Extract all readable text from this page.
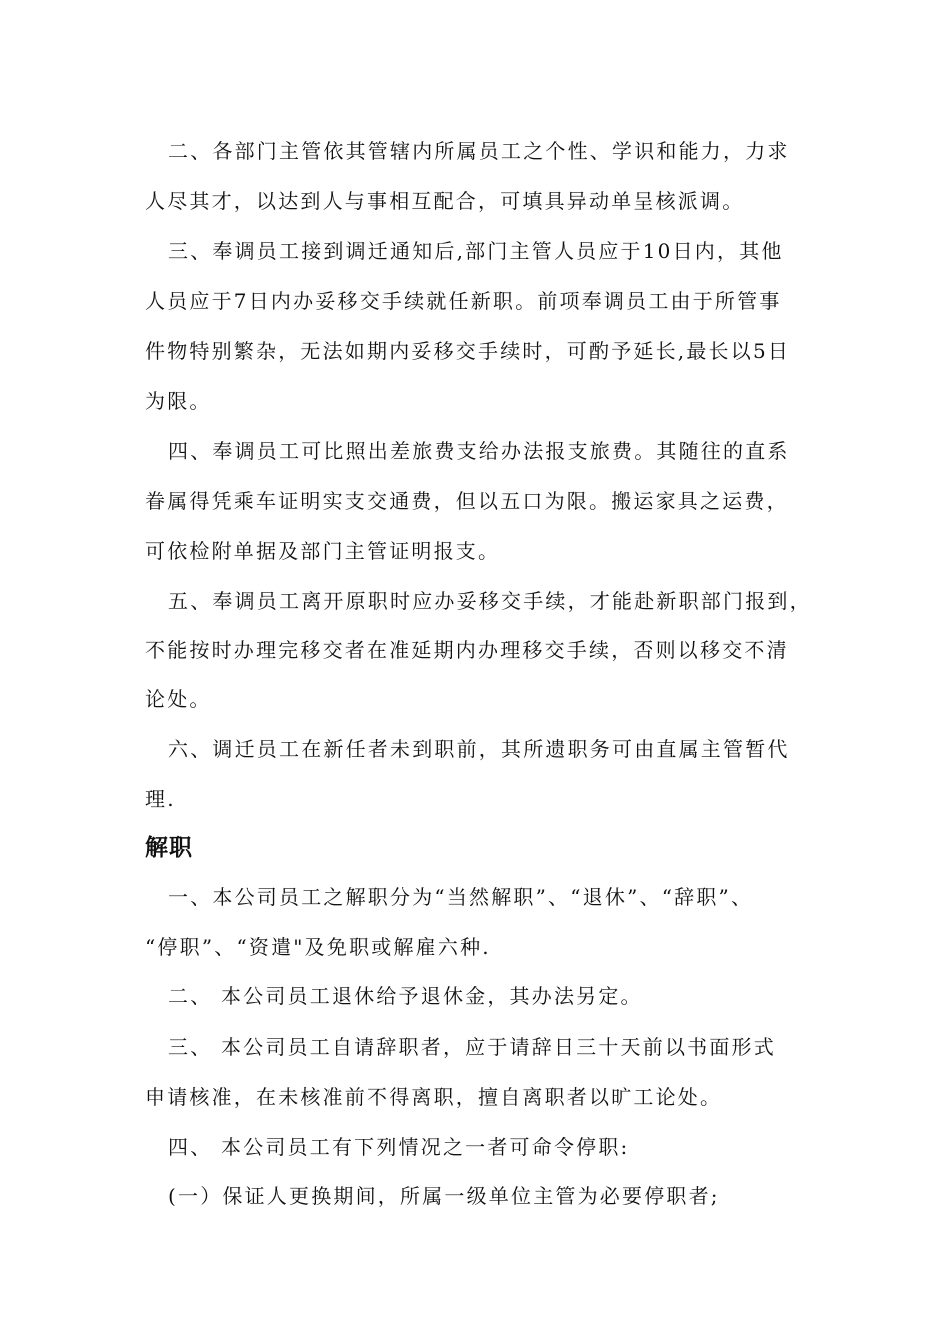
二、各部门主管依其管辖内所属员工之个性、学识和能力，力求
人尽其才，以达到人与事相互配合，可填具异动单呈核派调。
三、奉调员工接到调迁通知后,部门主管人员应于10日内，其他
人员应于7日内办妥移交手续就任新职。前项奉调员工由于所管事
件物特别繁杂，无法如期内妥移交手续时，可酌予延长,最长以5日
为限。
四、奉调员工可比照出差旅费支给办法报支旅费。其随往的直系
眷属得凭乘车证明实支交通费，但以五口为限。搬运家具之运费，
可依检附单据及部门主管证明报支。
五、奉调员工离开原职时应办妥移交手续，才能赴新职部门报到，
不能按时办理完移交者在准延期内办理移交手续，否则以移交不清
论处。
六、调迁员工在新任者未到职前，其所遗职务可由直属主管暂代
理.
解职
一、本公司员工之解职分为“当然解职”、“退休”、“辞职”、
“停职”、“资遣"及免职或解雇六种.
二、 本公司员工退休给予退休金，其办法另定。
三、 本公司员工自请辞职者，应于请辞日三十天前以书面形式
申请核准，在未核准前不得离职，擅自离职者以旷工论处。
四、 本公司员工有下列情况之一者可命令停职:
(一）保证人更换期间，所属一级单位主管为必要停职者;
